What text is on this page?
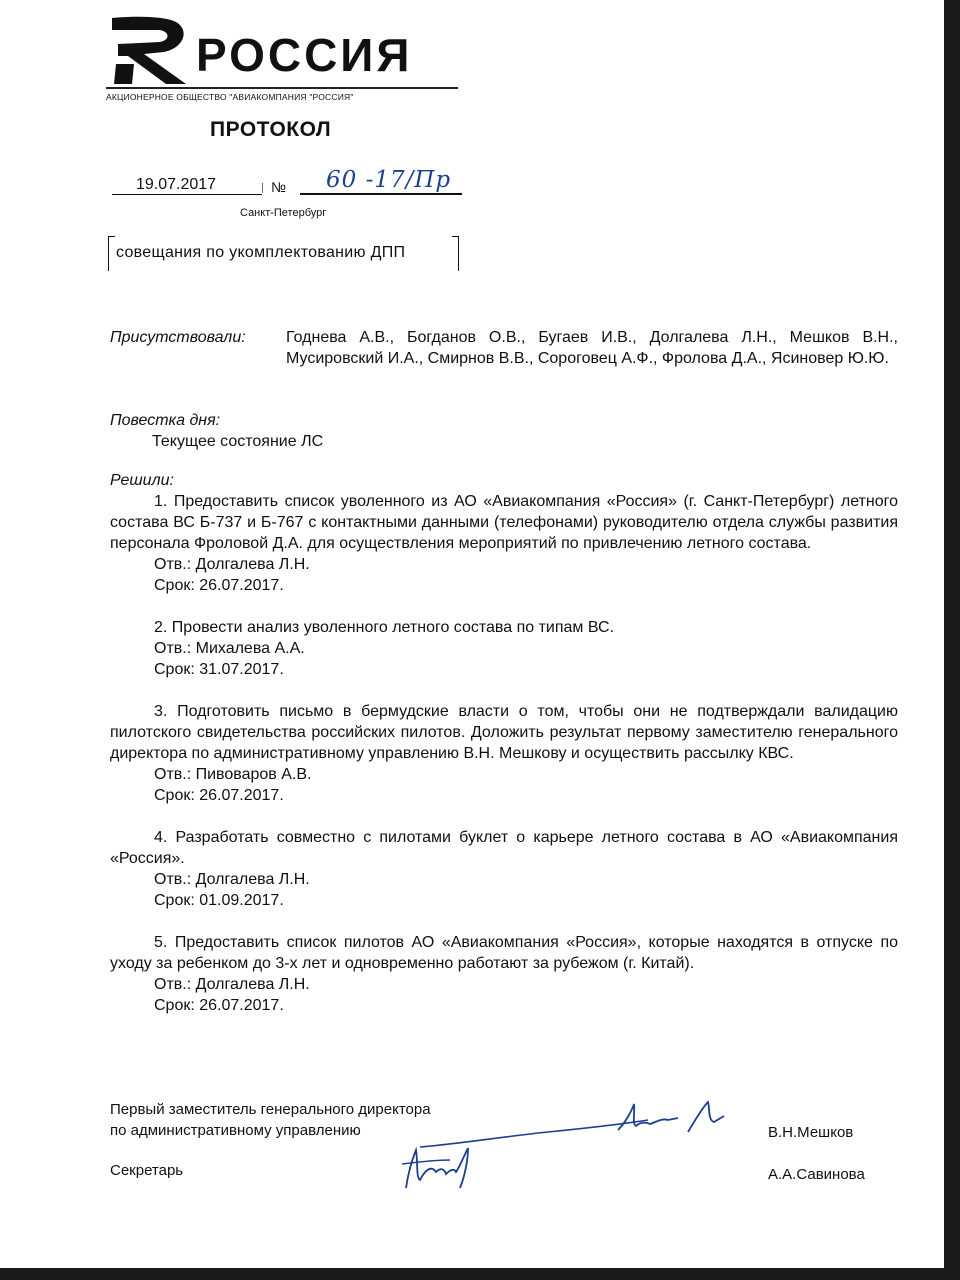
РОССИЯ
АКЦИОНЕРНОЕ ОБЩЕСТВО "АВИАКОМПАНИЯ "РОССИЯ"
ПРОТОКОЛ
19.07.2017	№ 60 -17/Пр
Санкт-Петербург
совещания по укомплектованию ДПП
Присутствовали:	Годнева А.В., Богданов О.В., Бугаев И.В., Долгалева Л.Н., Мешков В.Н., Мусировский И.А., Смирнов В.В., Сороговец А.Ф., Фролова Д.А., Ясиновер Ю.Ю.
Повестка дня:
Текущее состояние ЛС
Решили:
1. Предоставить список уволенного из АО «Авиакомпания «Россия» (г. Санкт-Петербург) летного состава ВС Б-737 и Б-767 с контактными данными (телефонами) руководителю отдела службы развития персонала Фроловой Д.А. для осуществления мероприятий по привлечению летного состава.
Отв.: Долгалева Л.Н.
Срок: 26.07.2017.
2. Провести анализ уволенного летного состава по типам ВС.
Отв.: Михалева А.А.
Срок: 31.07.2017.
3. Подготовить письмо в бермудские власти о том, чтобы они не подтверждали валидацию пилотского свидетельства российских пилотов. Доложить результат первому заместителю генерального директора по административному управлению В.Н. Мешкову и осуществить рассылку КВС.
Отв.: Пивоваров А.В.
Срок: 26.07.2017.
4. Разработать совместно с пилотами буклет о карьере летного состава в АО «Авиакомпания «Россия».
Отв.: Долгалева Л.Н.
Срок: 01.09.2017.
5. Предоставить список пилотов АО «Авиакомпания «Россия», которые находятся в отпуске по уходу за ребенком до 3-х лет и одновременно работают за рубежом (г. Китай).
Отв.: Долгалева Л.Н.
Срок: 26.07.2017.
Первый заместитель генерального директора
по административному управлению	В.Н.Мешков
Секретарь	А.А.Савинова
